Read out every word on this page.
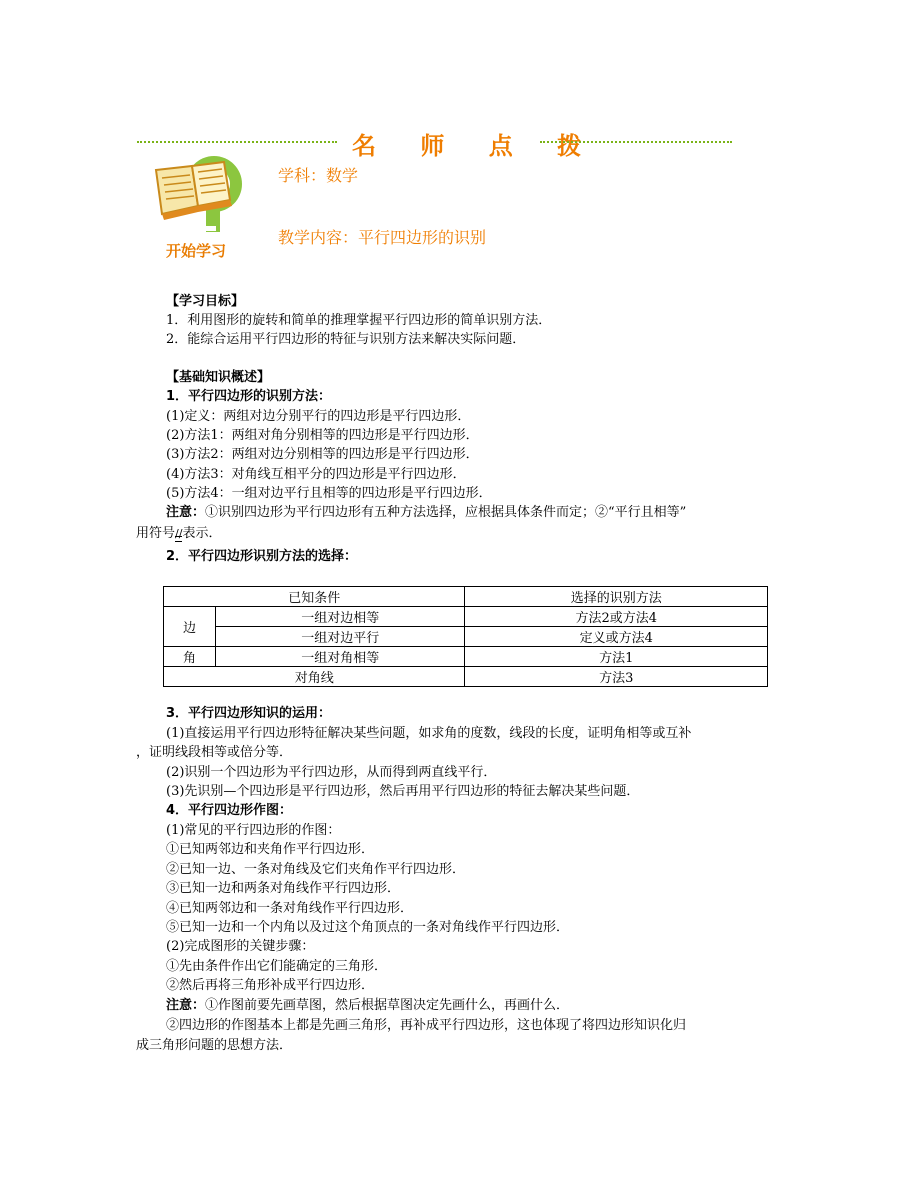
名 师 点 拨
开始学习
学科：数学
教学内容：平行四边形的识别
【学习目标】
1．利用图形的旋转和简单的推理掌握平行四边形的简单识别方法．
2．能综合运用平行四边形的特征与识别方法来解决实际问题．
【基础知识概述】
1．平行四边形的识别方法：
(1)定义：两组对边分别平行的四边形是平行四边形．
(2)方法1：两组对角分别相等的四边形是平行四边形．
(3)方法2：两组对边分别相等的四边形是平行四边形．
(4)方法3：对角线互相平分的四边形是平行四边形．
(5)方法4：一组对边平行且相等的四边形是平行四边形．
注意：①识别四边形为平行四边形有五种方法选择，应根据具体条件而定；②“平行且相等”
用符号//
表示．
2．平行四边形识别方法的选择：
已知条件		选择的识别方法
边	一组对边相等	方法2或方法4
	一组对边平行	定义或方法4
角	一组对角相等	方法1
对角线		方法3
3．平行四边形知识的运用：
(1)直接运用平行四边形特征解决某些问题，如求角的度数，线段的长度，证明角相等或互补
，证明线段相等或倍分等．
(2)识别一个四边形为平行四边形，从而得到两直线平行．
(3)先识别—个四边形是平行四边形，然后再用平行四边形的特征去解决某些问题．
4．平行四边形作图：
(1)常见的平行四边形的作图：
①已知两邻边和夹角作平行四边形．
②已知一边、一条对角线及它们夹角作平行四边形．
③已知一边和两条对角线作平行四边形．
④已知两邻边和一条对角线作平行四边形．
⑤已知一边和一个内角以及过这个角顶点的一条对角线作平行四边形．
(2)完成图形的关键步骤：
①先由条件作出它们能确定的三角形．
②然后再将三角形补成平行四边形．
注意：①作图前要先画草图，然后根据草图决定先画什么，再画什么．
②四边形的作图基本上都是先画三角形，再补成平行四边形，这也体现了将四边形知识化归
成三角形问题的思想方法．
